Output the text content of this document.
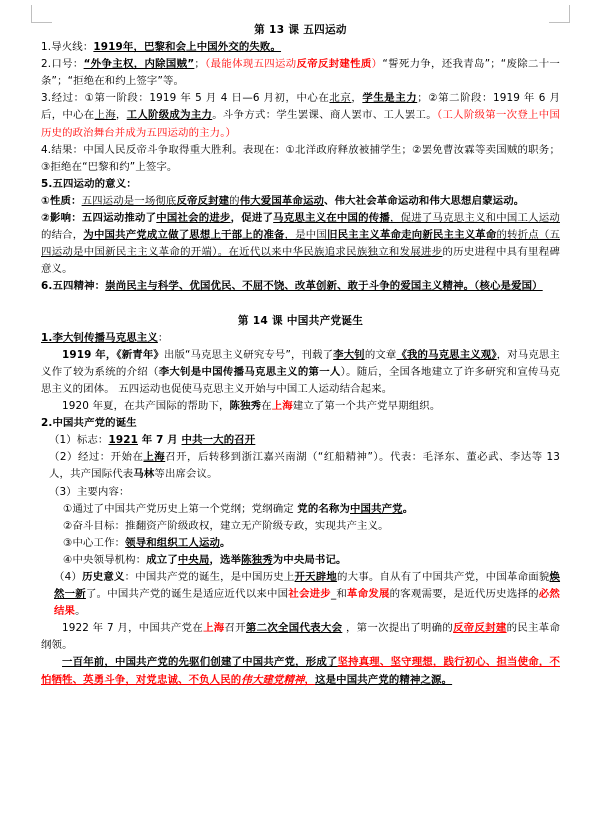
第 13 课 五四运动

1.导火线：1919年，巴黎和会上中国外交的失败。

2.口号：“外争主权，内除国贼”；（最能体现五四运动反帝反封建性质）“誓死力争，还我青岛”；“废除二十一条”；“拒绝在和约上签字”等。

3.经过：①第一阶段：1919 年 5 月 4 日—6 月初，中心在北京，学生是主力；②第二阶段：1919 年 6 月后，中心在上海，工人阶级成为主力。斗争方式：学生罢课、商人罢市、工人罢工。（工人阶级第一次登上中国历史的政治舞台并成为五四运动的主力。）

4.结果：中国人民反帝斗争取得重大胜利。表现在：①北洋政府释放被捕学生；②罢免曹汝霖等卖国贼的职务；③拒绝在“巴黎和约”上签字。

5.五四运动的意义：

①性质：五四运动是一场彻底反帝反封建的伟大爱国革命运动、伟大社会革命运动和伟大思想启蒙运动。

②影响：五四运动推动了中国社会的进步，促进了马克思主义在中国的传播，促进了马克思主义和中国工人运动的结合，为中国共产党成立做了思想上干部上的准备，是中国旧民主主义革命走向新民主主义革命的转折点（五四运动是中国新民主主义革命的开端）。在近代以来中华民族追求民族独立和发展进步的历史进程中具有里程碑意义。

6.五四精神：崇尚民主与科学、优国优民、不屈不饶、改革创新、敢于斗争的爱国主义精神。（核心是爱国）

第 14 课 中国共产党诞生

1.李大钊传播马克思主义：

1919 年，《新青年》出版“马克思主义研究专号”，刊载了李大钊的文章《我的马克思主义观》，对马克思主义作了较为系统的介绍（李大钊是中国传播马克思主义的第一人）。随后，全国各地建立了许多研究和宣传马克思主义的团体。 五四运动也促使马克思主义开始与中国工人运动结合起来。

1920 年夏，在共产国际的帮助下，陈独秀在上海建立了第一个共产党早期组织。

2.中国共产党的诞生

（1）标志：1921 年 7 月 中共一大的召开

（2）经过：开始在上海召开，后转移到浙江嘉兴南湖（“红船精神”）。代表：毛泽东、董必武、李达等 13 人，共产国际代表马林等出席会议。

（3）主要内容：

①通过了中国共产党历史上第一个党纲；党纲确定 党的名称为中国共产党。

②奋斗目标：推翻资产阶级政权，建立无产阶级专政，实现共产主义。

③中心工作：领导和组织工人运动。

④中央领导机构：成立了中央局，选举陈独秀为中央局书记。

（4）历史意义：中国共产党的诞生，是中国历史上开天辟地的大事。自从有了中国共产党，中国革命面貌焕然一新了。中国共产党的诞生是适应近代以来中国社会进步_和革命发展的客观需要，是近代历史选择的必然结果。

1922 年 7 月，中国共产党在上海召开第二次全国代表大会 ，第一次提出了明确的反帝反封建的民主革命纲领。

一百年前，中国共产党的先驱们创建了中国共产党，形成了坚持真理、坚守理想，践行初心、担当使命，不怕牺牲、英勇斗争，对党忠诚、不负人民的伟大建党精神，这是中国共产党的精神之源。
